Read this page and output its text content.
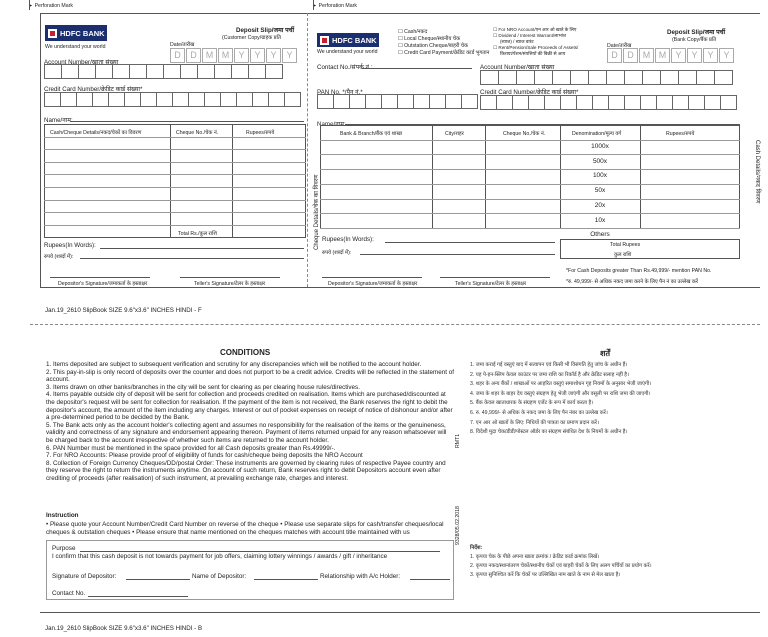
► Perforation Mark	► Perforation Mark
HDFC BANK
We understand your world
Deposit Slip/जमा पर्ची
(Customer Copy/ग्राहक प्रति
Date/तारीख
D	D	M M	Y	Y	Y	Y
Account Number/खाता संख्या
Credit Card Number/क्रेडिट कार्ड संख्या*
Name/नाम:
Cash/Cheque Details/नकद/चेकों का विवरण	Cheque No./चेक नं.	Rupees/रुपये
Total Rs./कुल राशि
Rupees(In Words):
रुपये (शब्दों में):
Depositor's Signature/जमाकर्ता के हस्ताक्षर	Teller's Signature/टेलर के हस्ताक्षर
HDFC BANK
We understand your world
☐ Cash/नकद
☐ Local Cheque/स्थानीय चेक
☐ Outstation Cheque/बाहरी चेक
☐ Credit Card Payment/क्रेडिट कार्ड भुगतान
☐ For NRO Account/एन आर ओ खाते के लिए
☐ Dividend / Interest Warrant/लाभांश
(ब्याज) / ब्याज वारंट
☐ Rent/Pension/Sale Proceeds of Assets/
किराया/पेंशन/संपत्तियों की बिक्री से आय
Deposit Slip/जमा पर्ची
(Bank Copy/बैंक प्रति
Date/तारीख
D	D	M M	Y	Y	Y	Y
Contact No./संपर्क नं.:	Account Number/खाता संख्या
PAN No. */पैन नं.*	Credit Card Number/क्रेडिट कार्ड संख्या*
Name/नाम:
Cheque Details/चेक का विवरण
Cash Details/नकद विवरण
Bank & Branch/बैंक एवं शाखा	City/शहर	Cheque No./चेक नं.	Denomination/मूल्य वर्ग	Rupees/रुपये
1000x
500x
100x
50x
20x
10x
Others
Total Rupees
कुल राशि
Rupees(In Words):
रुपये (शब्दों में):
*For Cash Deposits greater Than Rs.49,999/- mention PAN No.
*रु. 49,999/- से अधिक नकद जमा करने के लिए पैन नं का उल्लेख करें
Depositor's Signature/जमाकर्ता के हस्ताक्षर	Teller's Signature/टेलर के हस्ताक्षर
Jan.19_2610 SlipBook SIZE 9.6"x3.6" INCHES HINDI - F
CONDITIONS
1. Items deposited are subject to subsequent verification and scrutiny for any discrepancies which will be notified to the account holder.
2. This pay-in-slip is only record of deposits over the counter and does not purport to be a credit advice. Credits will be reflected in the statement of account.
3. Items drawn on other banks/branches in the city will be sent for clearing as per clearing house rules/directives.
4. Items payable outside city of deposit will be sent for collection and proceeds credited on realisation. Items which are purchased/discounted at the depositor's request will be sent for collection for realisation. If the payment of the item is not received, the Bank reserves the right to debit the depositor's account, the amount of the item including any charges. Interest or out of pocket expenses on receipt of notice of dishonour and/or after a pre-determined period to be decided by the Bank.
5. The Bank acts only as the account holder's collecting agent and assumes no responsibility for the realisation of the items or the genuineness, validity and correctness of any signature and endorsement appearing thereon. Payment of items returned unpaid for any reason whatsoever will be charged back to the account irrespective of whether such items are returned to the account holder.
6. PAN Number must be mentioned in the space provided for all Cash deposits greater than Rs.49999/-.
7. For NRO Accounts: Please provide proof of eligibility of funds for cash/cheque being deposits the NRO Account
8. Collection of Foreign Currency Cheques/DD/postal Order: These instruments are governed by clearing rules of respective Payee country and they reserve the right to return the instruments anytime. On account of such return, Bank reserves right to debit Depositors account even after crediting of proceeds (after realisation) of such instrument, at prevailing exchange rate, charges and interest.
Instruction
• Please quote your Account Number/Credit Card Number on reverse of the cheque • Please use separate slips for cash/transfer cheques/local cheques & outstation cheques • Please ensure that name mentioned on the cheques matches with account title maintained with us
Purpose
I confirm that this cash deposit is not towards payment for job offers, claiming lottery winnings / awards / gift / inheritance
Signature of Depositor:	Name of Depositor:	Relationship with A/c Holder:
Contact No.
RMT1
9328/05.02.2018
शर्तें
1. जमा कराई गई वस्तुएं बाद में सत्यापन एवं किसी भी विसंगति हेतु जांच के अधीन हैं।
2. यह पे-इन-स्लिप केवल काउंटर पर जमा राशि का रिकॉर्ड है और क्रेडिट सलाह नहीं है।
3. शहर के अन्य बैंकों / शाखाओं पर आहरित वस्तुएं समाशोधन गृह नियमों के अनुसार भेजी जाएंगी।
4. जमा के शहर के बाहर देय वस्तुएं संग्रहण हेतु भेजी जाएंगी और वसूली पर राशि जमा की जाएगी।
5. बैंक केवल खाताधारक के संग्रहण एजेंट के रूप में कार्य करता है।
6. रु. 49,999/- से अधिक के नकद जमा के लिए पैन नंबर का उल्लेख करें।
7. एन आर ओ खातों के लिए: निधियों की पात्रता का प्रमाण प्रदान करें।
8. विदेशी मुद्रा चेक/डीडी/पोस्टल ऑर्डर का संग्रहण संबंधित देश के नियमों के अधीन है।
निर्देश:
1. कृपया चेक के पीछे अपना खाता क्रमांक / क्रेडिट कार्ड क्रमांक लिखें।
2. कृपया नकद/स्थानांतरण चेकों/स्थानीय चेकों एवं बाहरी चेकों के लिए अलग पर्चियों का प्रयोग करें।
3. कृपया सुनिश्चित करें कि चेकों पर उल्लिखित नाम खाते के नाम से मेल खाता है।
Jan.19_2610 SlipBook SIZE 9.6"x3.6" INCHES HINDI - B
